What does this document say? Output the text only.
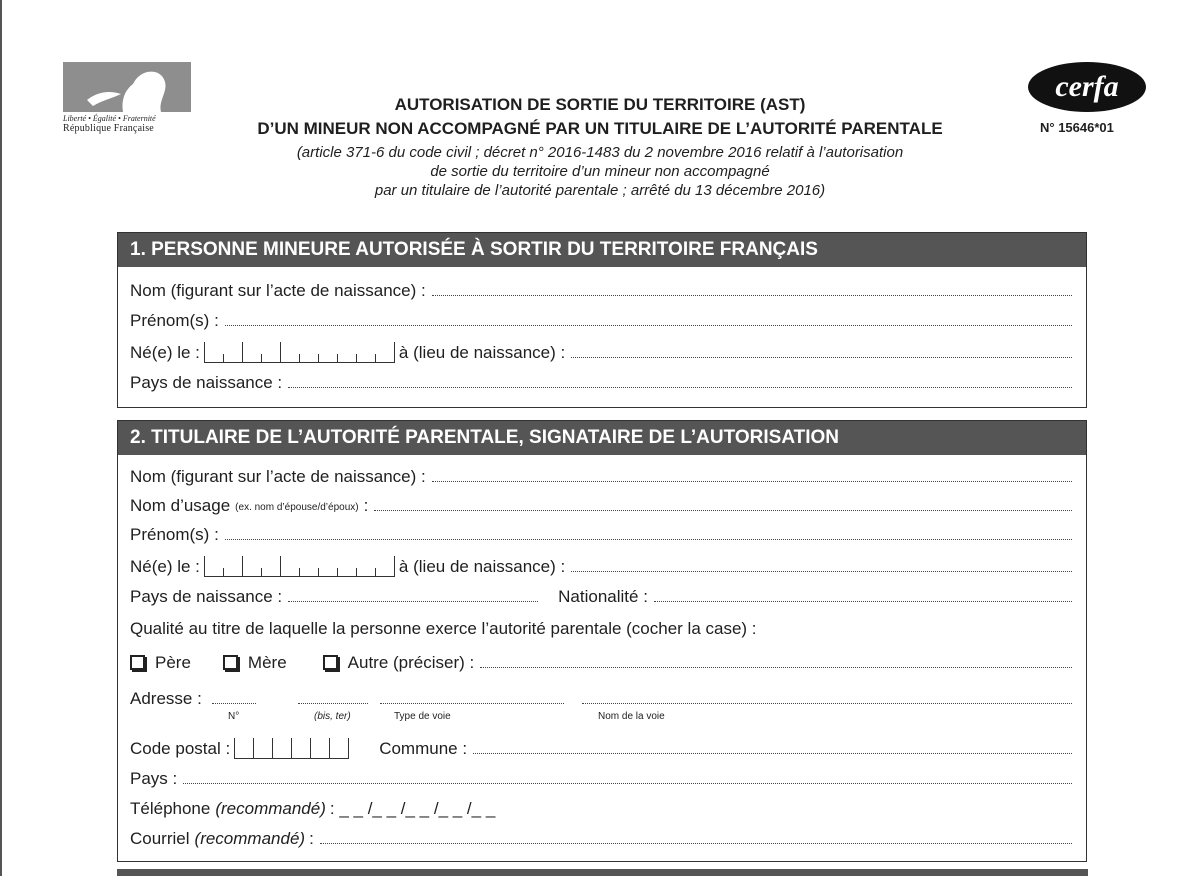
Liberté • Égalité • Fraternité
République Française
AUTORISATION DE SORTIE DU TERRITOIRE (AST)
D’UN MINEUR NON ACCOMPAGNÉ PAR UN TITULAIRE DE L’AUTORITÉ PARENTALE
(article 371-6 du code civil ; décret n° 2016-1483 du 2 novembre 2016 relatif à l’autorisation
de sortie du territoire d’un mineur non accompagné
par un titulaire de l’autorité parentale ; arrêté du 13 décembre 2016)
cerfa
N° 15646*01
1. PERSONNE MINEURE AUTORISÉE À SORTIR DU TERRITOIRE FRANÇAIS
Nom (figurant sur l’acte de naissance) :
Prénom(s) :
Né(e) le :	à (lieu de naissance) :
Pays de naissance :
2. TITULAIRE DE L’AUTORITÉ PARENTALE, SIGNATAIRE DE L’AUTORISATION
Nom (figurant sur l’acte de naissance) :
Nom d’usage (ex. nom d’épouse/d’époux) :
Prénom(s) :
Né(e) le :	à (lieu de naissance) :
Pays de naissance :	Nationalité :
Qualité au titre de laquelle la personne exerce l’autorité parentale (cocher la case) :
Père	Mère	Autre (préciser) :
Adresse :
N°	(bis, ter)	Type de voie	Nom de la voie
Code postal :	Commune :
Pays :
Téléphone (recommandé) : _ _ /_ _ /_ _ /_ _ /_ _
Courriel (recommandé) :
